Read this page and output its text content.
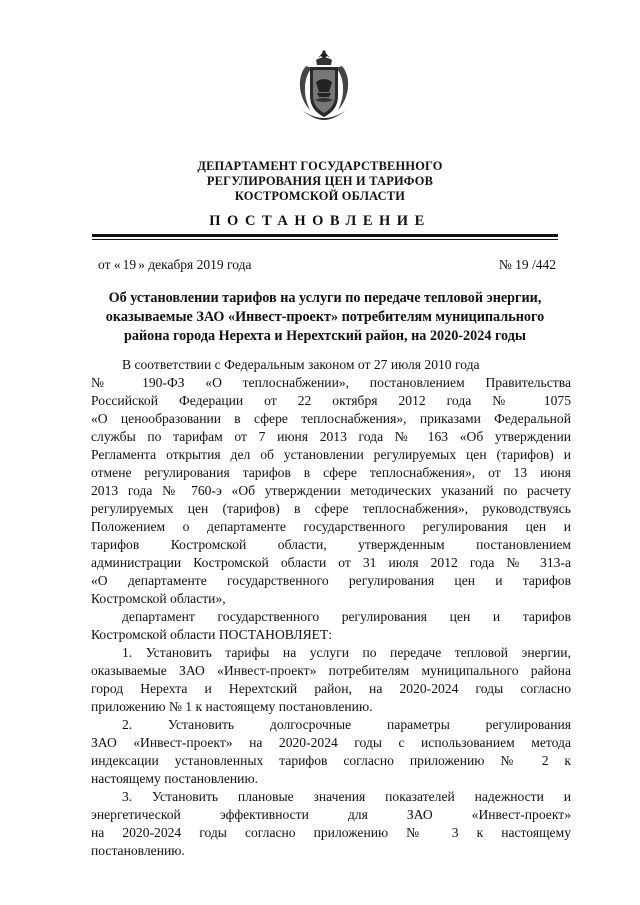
ДЕПАРТАМЕНТ ГОСУДАРСТВЕННОГО
РЕГУЛИРОВАНИЯ ЦЕН И ТАРИФОВ
КОСТРОМСКОЙ ОБЛАСТИ
ПОСТАНОВЛЕНИЕ
от « 19 » декабря 2019 года	№ 19 /442
Об установлении тарифов на услуги по передаче тепловой энергии,
оказываемые ЗАО «Инвест-проект» потребителям муниципального
района города Нерехта и Нерехтский район, на 2020-2024 годы
В соответствии с Федеральным законом от 27 июля 2010 года
№ 190-ФЗ «О теплоснабжении», постановлением Правительства
Российской Федерации от 22 октября 2012 года № 1075
«О ценообразовании в сфере теплоснабжения», приказами Федеральной
службы по тарифам от 7 июня 2013 года № 163 «Об утверждении
Регламента открытия дел об установлении регулируемых цен (тарифов) и
отмене регулирования тарифов в сфере теплоснабжения», от 13 июня
2013 года № 760-э «Об утверждении методических указаний по расчету
регулируемых цен (тарифов) в сфере теплоснабжения», руководствуясь
Положением о департаменте государственного регулирования цен и
тарифов Костромской области, утвержденным постановлением
администрации Костромской области от 31 июля 2012 года № 313-а
«О департаменте государственного регулирования цен и тарифов
Костромской области»,
департамент государственного регулирования цен и тарифов
Костромской области ПОСТАНОВЛЯЕТ:
1. Установить тарифы на услуги по передаче тепловой энергии,
оказываемые ЗАО «Инвест-проект» потребителям муниципального района
город Нерехта и Нерехтский район, на 2020-2024 годы согласно
приложению № 1 к настоящему постановлению.
2. Установить долгосрочные параметры регулирования
ЗАО «Инвест-проект» на 2020-2024 годы с использованием метода
индексации установленных тарифов согласно приложению № 2 к
настоящему постановлению.
3. Установить плановые значения показателей надежности и
энергетической эффективности для ЗАО «Инвест-проект»
на 2020-2024 годы согласно приложению № 3 к настоящему
постановлению.
